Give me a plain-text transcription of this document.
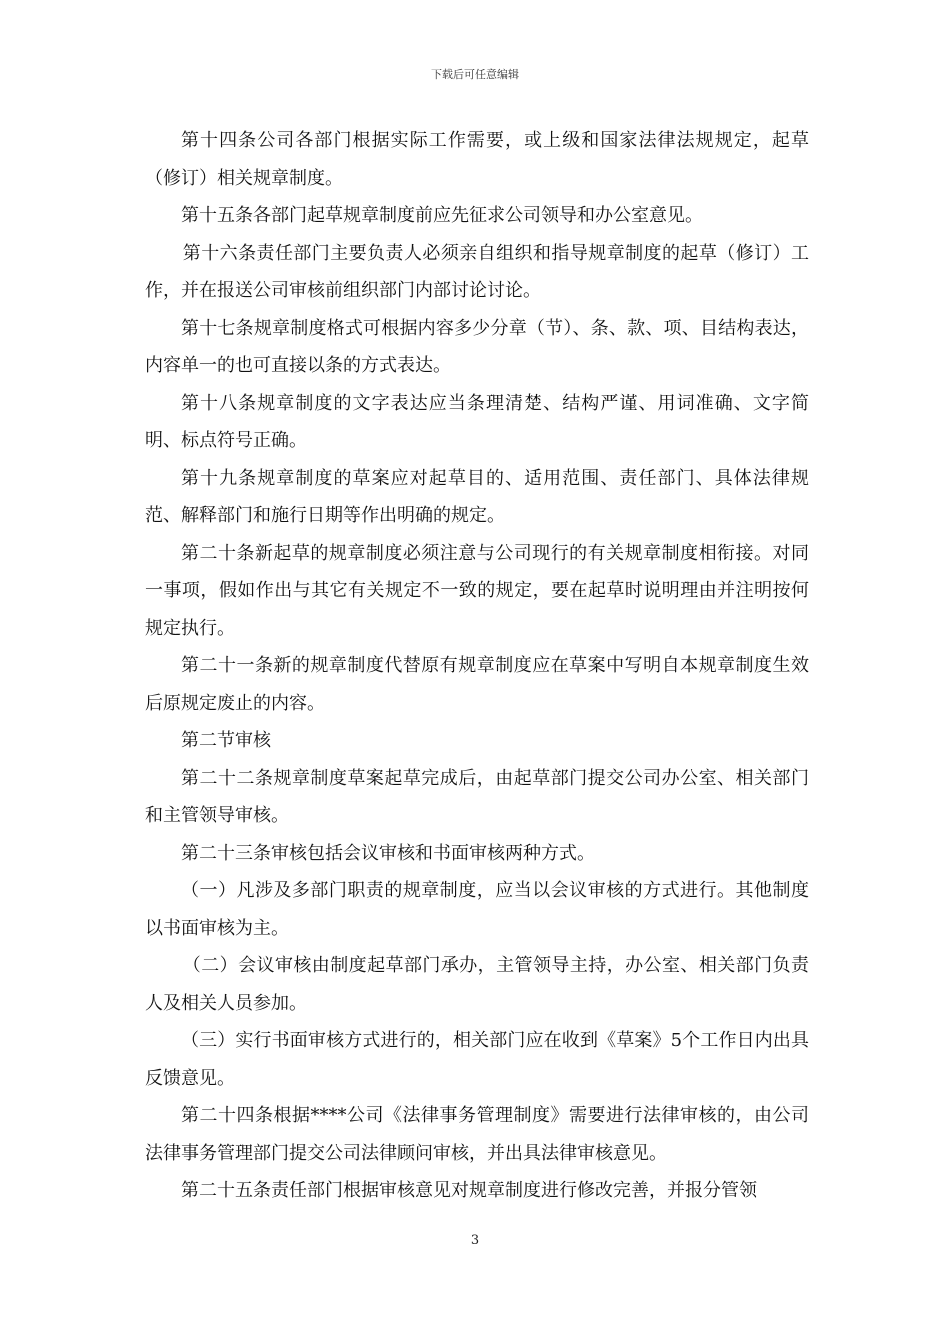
下载后可任意编辑

第十四条公司各部门根据实际工作需要，或上级和国家法律法规规定，起草（修订）相关规章制度。

第十五条各部门起草规章制度前应先征求公司领导和办公室意见。

第十六条责任部门主要负责人必须亲自组织和指导规章制度的起草（修订）工作，并在报送公司审核前组织部门内部讨论讨论。

第十七条规章制度格式可根据内容多少分章（节）、条、款、项、目结构表达，内容单一的也可直接以条的方式表达。

第十八条规章制度的文字表达应当条理清楚、结构严谨、用词准确、文字简明、标点符号正确。

第十九条规章制度的草案应对起草目的、适用范围、责任部门、具体法律规范、解释部门和施行日期等作出明确的规定。

第二十条新起草的规章制度必须注意与公司现行的有关规章制度相衔接。对同一事项，假如作出与其它有关规定不一致的规定，要在起草时说明理由并注明按何规定执行。

第二十一条新的规章制度代替原有规章制度应在草案中写明自本规章制度生效后原规定废止的内容。

第二节审核

第二十二条规章制度草案起草完成后，由起草部门提交公司办公室、相关部门和主管领导审核。

第二十三条审核包括会议审核和书面审核两种方式。

（一）凡涉及多部门职责的规章制度，应当以会议审核的方式进行。其他制度以书面审核为主。

（二）会议审核由制度起草部门承办，主管领导主持，办公室、相关部门负责人及相关人员参加。

（三）实行书面审核方式进行的，相关部门应在收到《草案》5个工作日内出具反馈意见。

第二十四条根据****公司《法律事务管理制度》需要进行法律审核的，由公司法律事务管理部门提交公司法律顾问审核，并出具法律审核意见。

第二十五条责任部门根据审核意见对规章制度进行修改完善，并报分管领

3
